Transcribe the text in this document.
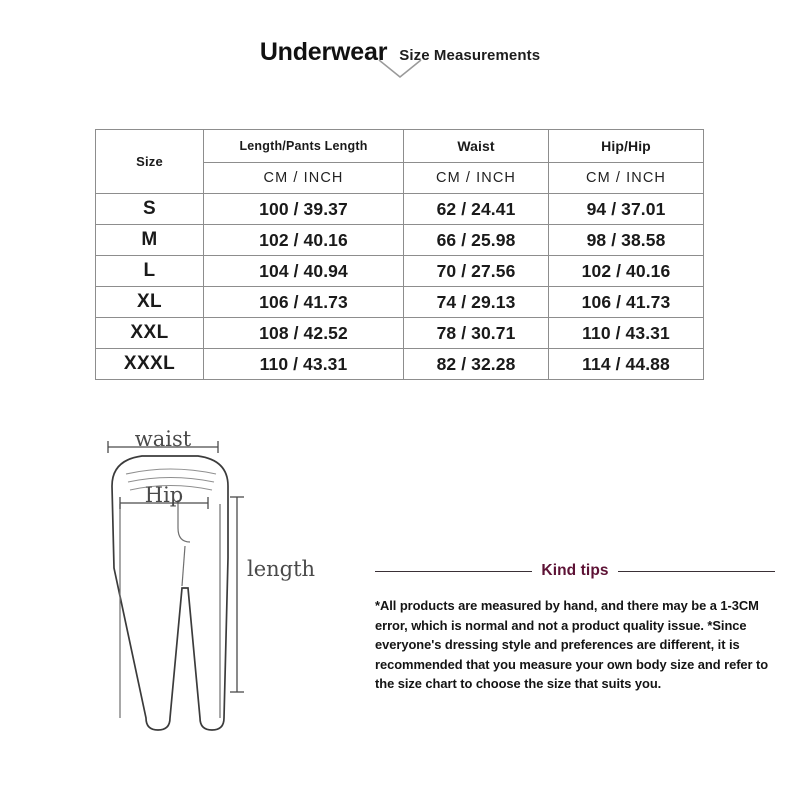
Underwear Size Measurements
Size	Length/Pants Length	Waist	Hip/Hip
	CM / INCH	CM / INCH	CM / INCH
S	100 / 39.37	62 / 24.41	94 / 37.01
M	102 / 40.16	66 / 25.98	98 / 38.58
L	104 / 40.94	70 / 27.56	102 / 40.16
XL	106 / 41.73	74 / 29.13	106 / 41.73
XXL	108 / 42.52	78 / 30.71	110 / 43.31
XXXL	110 / 43.31	82 / 32.28	114 / 44.88
waist
Hip
length	Kind tips

*All products are measured by hand, and there may be a 1-3CM error, which is normal and not a product quality issue. *Since everyone's dressing style and preferences are different, it is recommended that you measure your own body size and refer to the size chart to choose the size that suits you.
